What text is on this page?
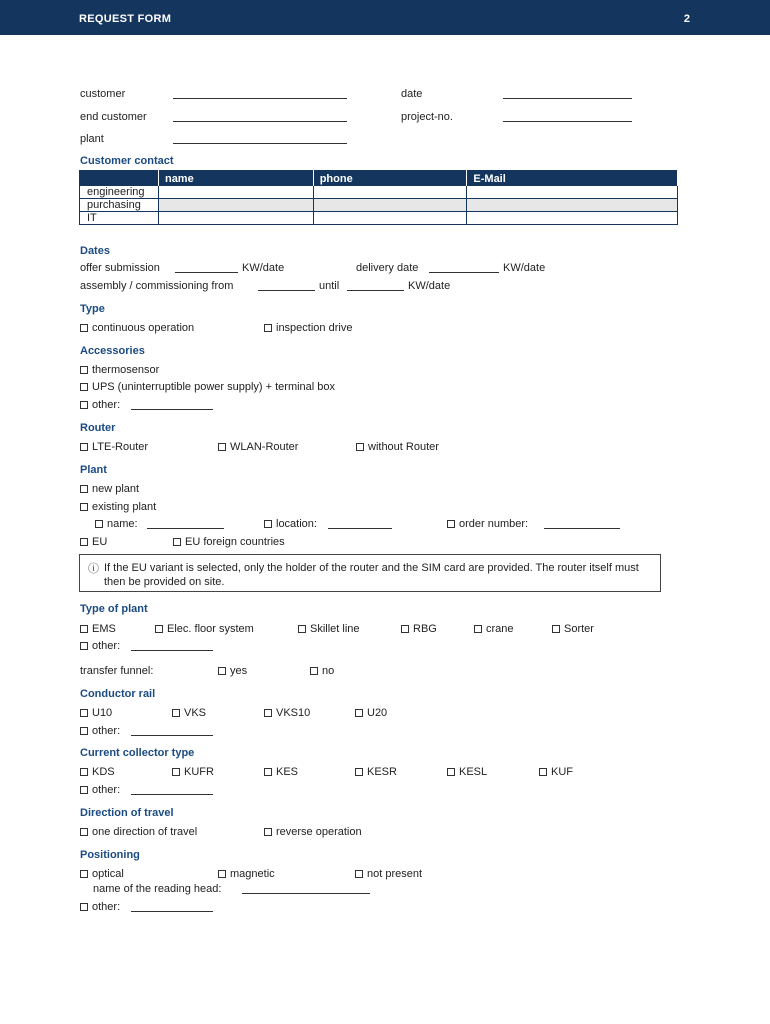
REQUEST FORM	2
customer	date
end customer	project-no.
plant
Customer contact
	name	phone	E-Mail
engineering			
purchasing			
IT			
Dates
offer submission	KW/date	delivery date	KW/date
assembly / commissioning from	until	KW/date
Type
continuous operation	inspection drive
Accessories
thermosensor
UPS (uninterruptible power supply) + terminal box
other:
Router
LTE-Router	WLAN-Router	without Router
Plant
new plant
existing plant
name:	location:	order number:
EU	EU foreign countries
ⓘ If the EU variant is selected, only the holder of the router and the SIM card are provided. The router itself must then be provided on site.
Type of plant
EMS	Elec. floor system	Skillet line	RBG	crane	Sorter
other:
transfer funnel:	yes	no
Conductor rail
U10	VKS	VKS10	U20
other:
Current collector type
KDS	KUFR	KES	KESR	KESL	KUF
other:
Direction of travel
one direction of travel	reverse operation
Positioning
optical	magnetic	not present
name of the reading head:
other:
